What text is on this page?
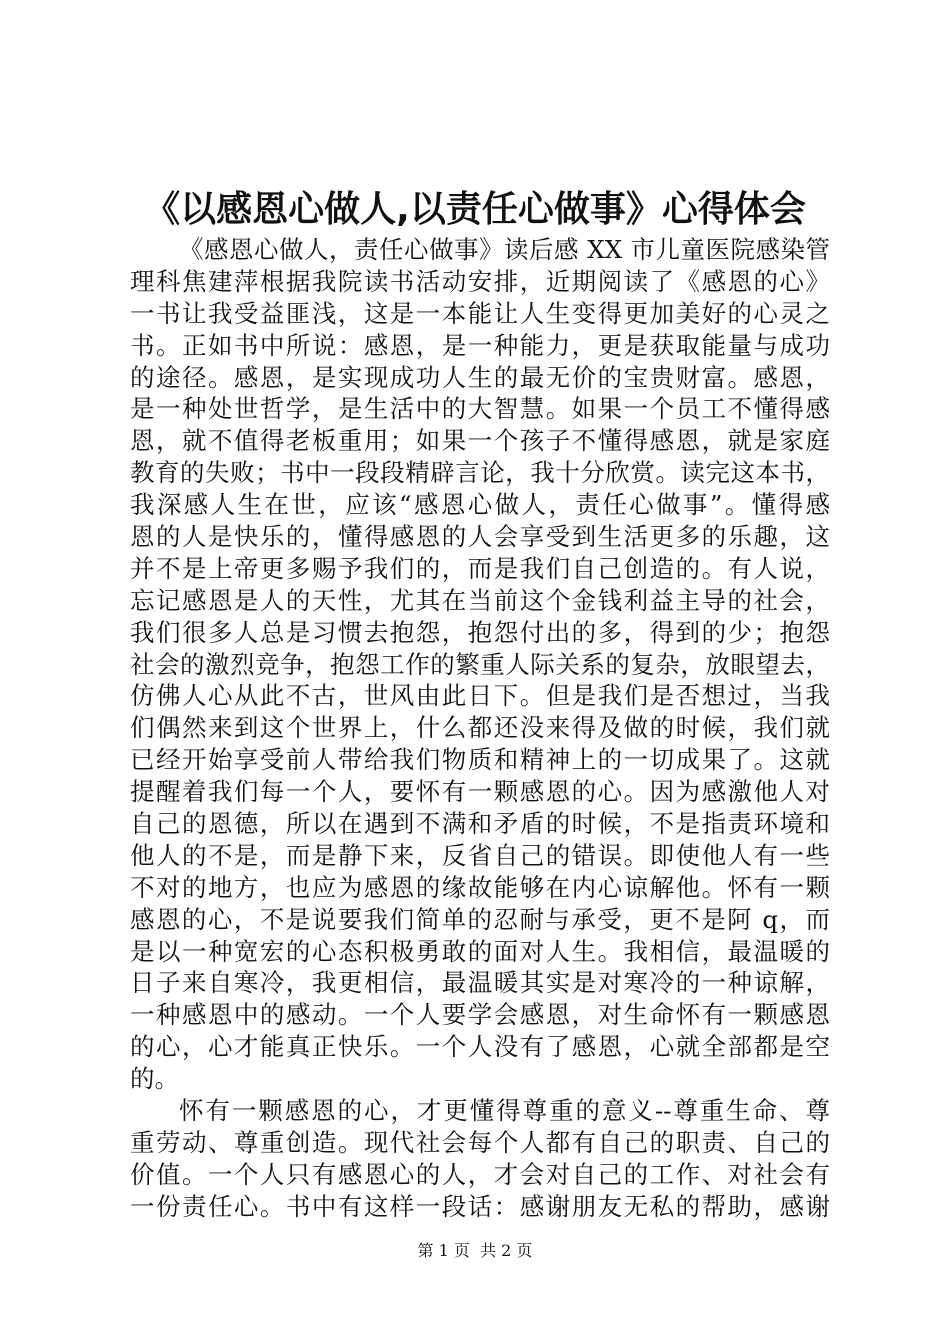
《以感恩心做人,以责任心做事》心得体会
《感恩心做人，责任心做事》读后感 XX 市儿童医院感染管
理科焦建萍根据我院读书活动安排，近期阅读了《感恩的心》
一书让我受益匪浅，这是一本能让人生变得更加美好的心灵之
书。正如书中所说：感恩，是一种能力，更是获取能量与成功
的途径。感恩，是实现成功人生的最无价的宝贵财富。感恩，
是一种处世哲学，是生活中的大智慧。如果一个员工不懂得感
恩，就不值得老板重用；如果一个孩子不懂得感恩，就是家庭
教育的失败；书中一段段精辟言论，我十分欣赏。读完这本书，
我深感人生在世，应该“感恩心做人，责任心做事”。懂得感
恩的人是快乐的，懂得感恩的人会享受到生活更多的乐趣，这
并不是上帝更多赐予我们的，而是我们自己创造的。有人说，
忘记感恩是人的天性，尤其在当前这个金钱利益主导的社会，
我们很多人总是习惯去抱怨，抱怨付出的多，得到的少；抱怨
社会的激烈竞争，抱怨工作的繁重人际关系的复杂，放眼望去，
仿佛人心从此不古，世风由此日下。但是我们是否想过，当我
们偶然来到这个世界上，什么都还没来得及做的时候，我们就
已经开始享受前人带给我们物质和精神上的一切成果了。这就
提醒着我们每一个人，要怀有一颗感恩的心。因为感激他人对
自己的恩德，所以在遇到不满和矛盾的时候，不是指责环境和
他人的不是，而是静下来，反省自己的错误。即使他人有一些
不对的地方，也应为感恩的缘故能够在内心谅解他。怀有一颗
感恩的心，不是说要我们简单的忍耐与承受，更不是阿 q，而
是以一种宽宏的心态积极勇敢的面对人生。我相信，最温暖的
日子来自寒冷，我更相信，最温暖其实是对寒冷的一种谅解，
一种感恩中的感动。一个人要学会感恩，对生命怀有一颗感恩
的心，心才能真正快乐。一个人没有了感恩，心就全部都是空
的。
怀有一颗感恩的心，才更懂得尊重的意义--尊重生命、尊
重劳动、尊重创造。现代社会每个人都有自己的职责、自己的
价值。一个人只有感恩心的人，才会对自己的工作、对社会有
一份责任心。书中有这样一段话：感谢朋友无私的帮助，感谢
第 1 页  共 2 页
